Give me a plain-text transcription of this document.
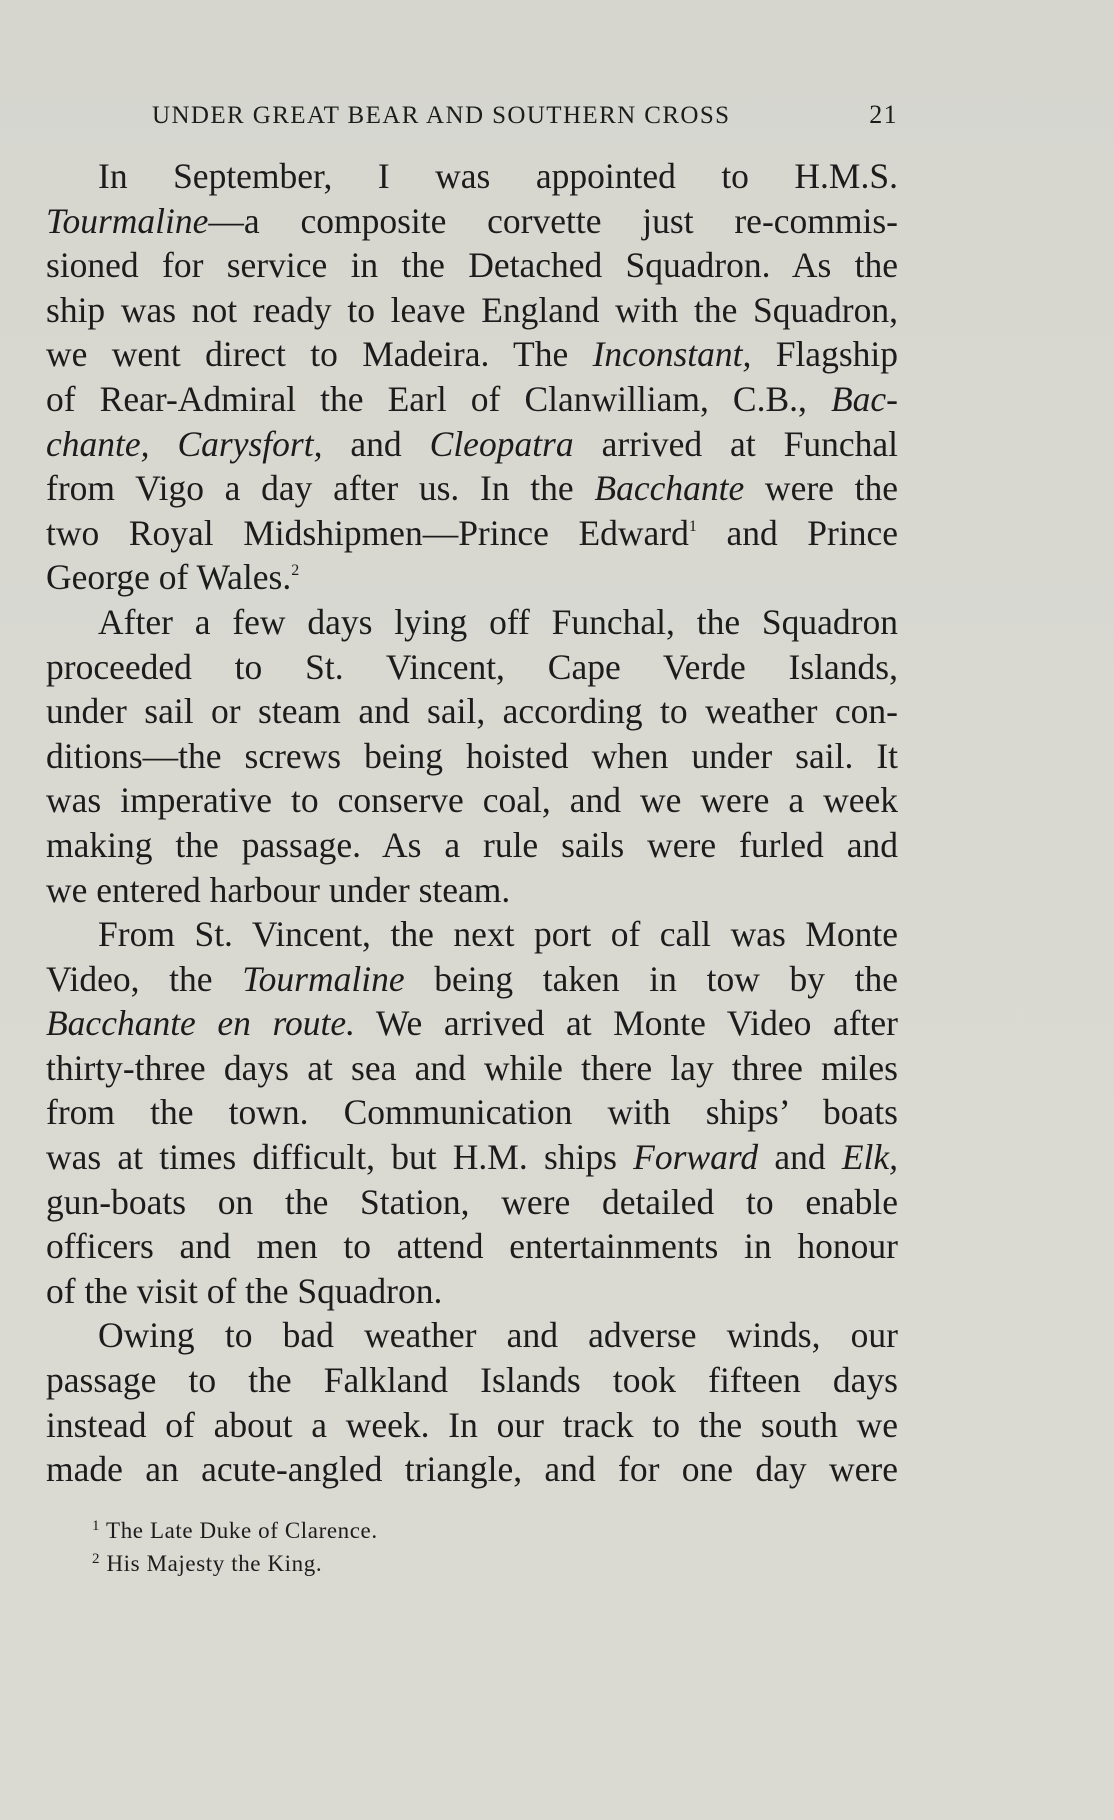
UNDER GREAT BEAR AND SOUTHERN CROSS	21
In September, I was appointed to H.M.S.
Tourmaline—a composite corvette just re-commis-
sioned for service in the Detached Squadron. As the
ship was not ready to leave England with the Squadron,
we went direct to Madeira. The Inconstant, Flagship
of Rear-Admiral the Earl of Clanwilliam, C.B., Bac-
chante, Carysfort, and Cleopatra arrived at Funchal
from Vigo a day after us. In the Bacchante were the
two Royal Midshipmen—Prince Edward$^1$ and Prince
George of Wales.$^2$
After a few days lying off Funchal, the Squadron
proceeded to St. Vincent, Cape Verde Islands,
under sail or steam and sail, according to weather con-
ditions—the screws being hoisted when under sail. It
was imperative to conserve coal, and we were a week
making the passage. As a rule sails were furled and
we entered harbour under steam.
From St. Vincent, the next port of call was Monte
Video, the Tourmaline being taken in tow by the
Bacchante en route. We arrived at Monte Video after
thirty-three days at sea and while there lay three miles
from the town. Communication with ships’ boats
was at times difficult, but H.M. ships Forward and Elk,
gun-boats on the Station, were detailed to enable
officers and men to attend entertainments in honour
of the visit of the Squadron.
Owing to bad weather and adverse winds, our
passage to the Falkland Islands took fifteen days
instead of about a week. In our track to the south we
made an acute-angled triangle, and for one day were
$^1$ The Late Duke of Clarence.
$^2$ His Majesty the King.
